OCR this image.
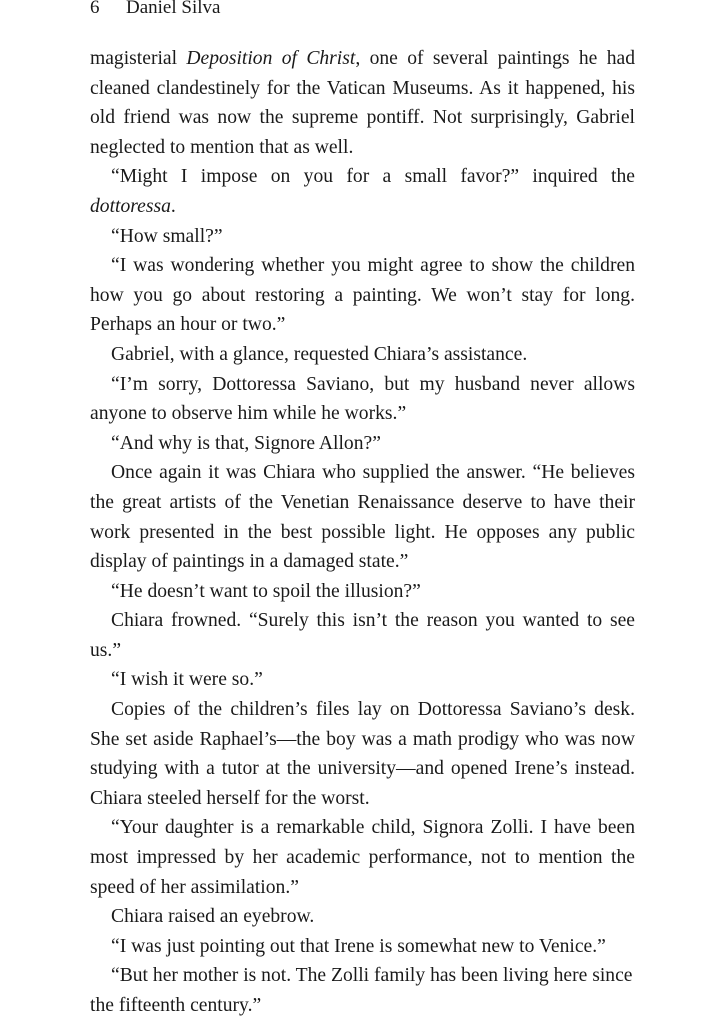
6 Daniel Silva

magisterial Deposition of Christ, one of several paintings he had cleaned clandestinely for the Vatican Museums. As it happened, his old friend was now the supreme pontiff. Not surprisingly, Gabriel neglected to mention that as well.

“Might I impose on you for a small favor?” inquired the dottoressa.

“How small?”

“I was wondering whether you might agree to show the children how you go about restoring a painting. We won’t stay for long. Perhaps an hour or two.”

Gabriel, with a glance, requested Chiara’s assistance.

“I’m sorry, Dottoressa Saviano, but my husband never allows anyone to observe him while he works.”

“And why is that, Signore Allon?”

Once again it was Chiara who supplied the answer. “He believes the great artists of the Venetian Renaissance deserve to have their work presented in the best possible light. He opposes any public display of paintings in a damaged state.”

“He doesn’t want to spoil the illusion?”

Chiara frowned. “Surely this isn’t the reason you wanted to see us.”

“I wish it were so.”

Copies of the children’s files lay on Dottoressa Saviano’s desk. She set aside Raphael’s—the boy was a math prodigy who was now studying with a tutor at the university—and opened Irene’s instead. Chiara steeled herself for the worst.

“Your daughter is a remarkable child, Signora Zolli. I have been most impressed by her academic performance, not to mention the speed of her assimilation.”

Chiara raised an eyebrow.

“I was just pointing out that Irene is somewhat new to Venice.”

“But her mother is not. The Zolli family has been living here since the fifteenth century.”
